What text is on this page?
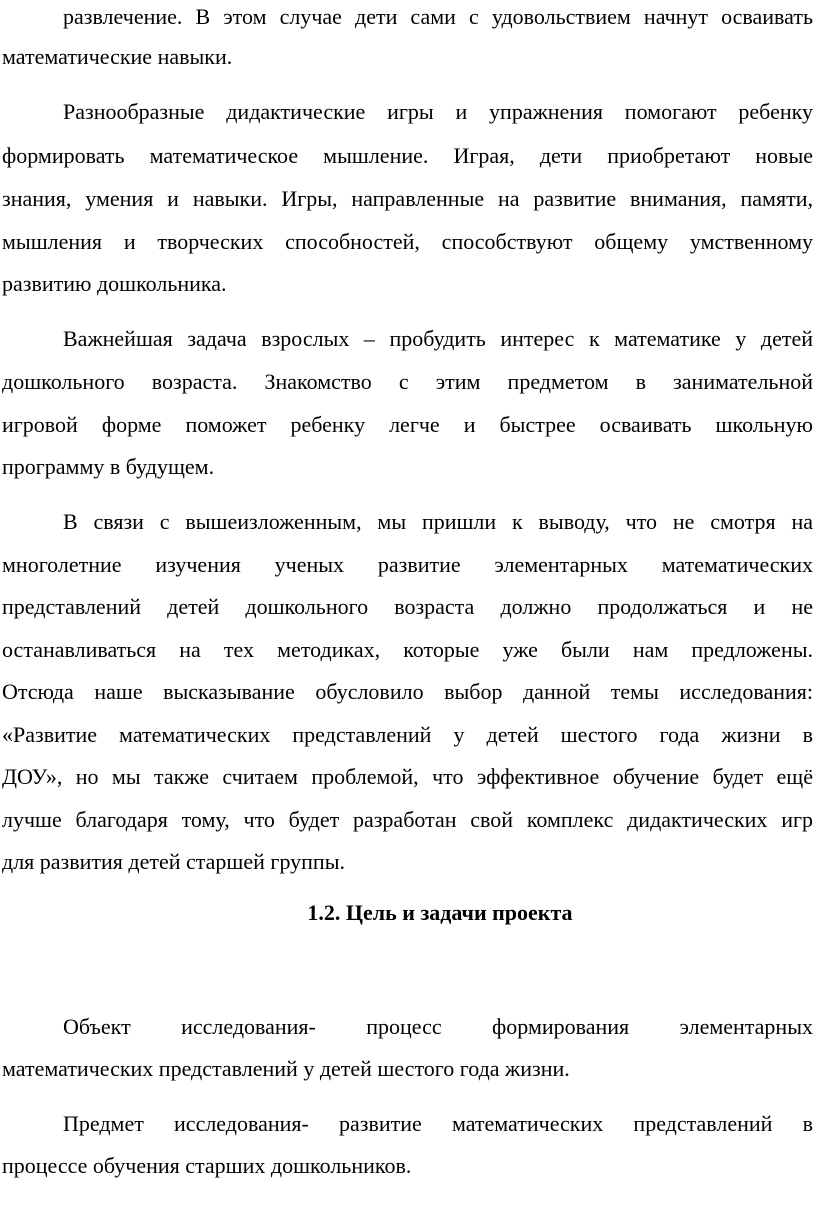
развлечение. В этом случае дети сами с удовольствием начнут осваивать
математические навыки.
Разнообразные дидактические игры и упражнения помогают ребенку
формировать математическое мышление. Играя, дети приобретают новые
знания, умения и навыки. Игры, направленные на развитие внимания, памяти,
мышления и творческих способностей, способствуют общему умственному
развитию дошкольника.
Важнейшая задача взрослых – пробудить интерес к математике у детей
дошкольного возраста. Знакомство с этим предметом в занимательной
игровой форме поможет ребенку легче и быстрее осваивать школьную
программу в будущем.
В связи с вышеизложенным, мы пришли к выводу, что не смотря на
многолетние изучения ученых развитие элементарных математических
представлений детей дошкольного возраста должно продолжаться и не
останавливаться на тех методиках, которые уже были нам предложены.
Отсюда наше высказывание обусловило выбор данной темы исследования:
«Развитие математических представлений у детей шестого года жизни в
ДОУ», но мы также считаем проблемой, что эффективное обучение будет ещё
лучше благодаря тому, что будет разработан свой комплекс дидактических игр
для развития детей старшей группы.
1.2. Цель и задачи проекта
Объект исследования- процесс формирования элементарных
математических представлений у детей шестого года жизни.
Предмет исследования- развитие математических представлений в
процессе обучения старших дошкольников.
